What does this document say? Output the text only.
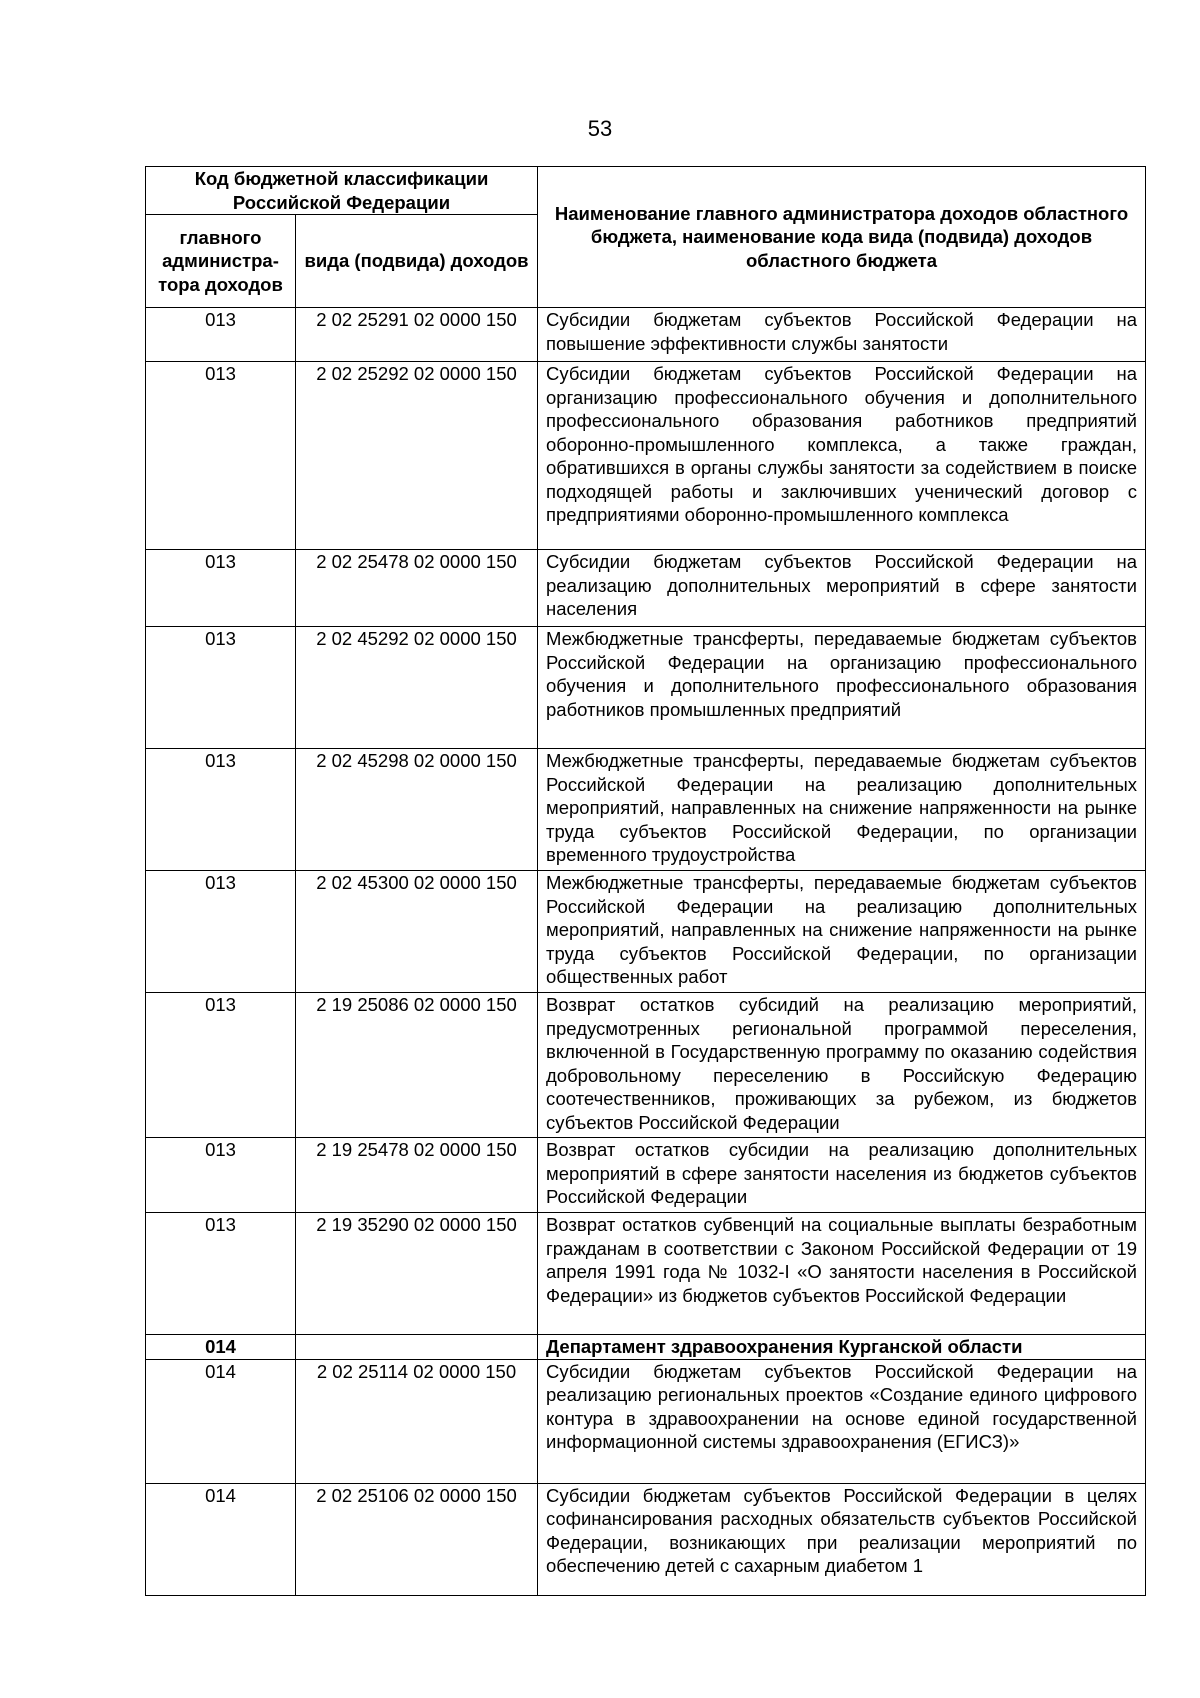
53
Код бюджетной классификации Российской Федерации		Наименование главного администратора доходов областного бюджета, наименование кода вида (подвида) доходов областного бюджета
главного администра-тора доходов	вида (подвида) доходов	
013	2 02 25291 02 0000 150	Субсидии бюджетам субъектов Российской Федерации на повышение эффективности службы занятости
013	2 02 25292 02 0000 150	Субсидии бюджетам субъектов Российской Федерации на организацию профессионального обучения и дополнительного профессионального образования работников предприятий оборонно-промышленного комплекса, а также граждан, обратившихся в органы службы занятости за содействием в поиске подходящей работы и заключивших ученический договор с предприятиями оборонно-промышленного комплекса
013	2 02 25478 02 0000 150	Субсидии бюджетам субъектов Российской Федерации на реализацию дополнительных мероприятий в сфере занятости населения
013	2 02 45292 02 0000 150	Межбюджетные трансферты, передаваемые бюджетам субъектов Российской Федерации на организацию профессионального обучения и дополнительного профессионального образования работников промышленных предприятий
013	2 02 45298 02 0000 150	Межбюджетные трансферты, передаваемые бюджетам субъектов Российской Федерации на реализацию дополнительных мероприятий, направленных на снижение напряженности на рынке труда субъектов Российской Федерации, по организации временного трудоустройства
013	2 02 45300 02 0000 150	Межбюджетные трансферты, передаваемые бюджетам субъектов Российской Федерации на реализацию дополнительных мероприятий, направленных на снижение напряженности на рынке труда субъектов Российской Федерации, по организации общественных работ
013	2 19 25086 02 0000 150	Возврат остатков субсидий на реализацию мероприятий, предусмотренных региональной программой переселения, включенной в Государственную программу по оказанию содействия добровольному переселению в Российскую Федерацию соотечественников, проживающих за рубежом, из бюджетов субъектов Российской Федерации
013	2 19 25478 02 0000 150	Возврат остатков субсидии на реализацию дополнительных мероприятий в сфере занятости населения из бюджетов субъектов Российской Федерации
013	2 19 35290 02 0000 150	Возврат остатков субвенций на социальные выплаты безработным гражданам в соответствии с Законом Российской Федерации от 19 апреля 1991 года № 1032-I «О занятости населения в Российской Федерации» из бюджетов субъектов Российской Федерации
014		Департамент здравоохранения Курганской области
014	2 02 25114 02 0000 150	Субсидии бюджетам субъектов Российской Федерации на реализацию региональных проектов «Создание единого цифрового контура в здравоохранении на основе единой государственной информационной системы здравоохранения (ЕГИСЗ)»
014	2 02 25106 02 0000 150	Субсидии бюджетам субъектов Российской Федерации в целях софинансирования расходных обязательств субъектов Российской Федерации, возникающих при реализации мероприятий по обеспечению детей с сахарным диабетом 1
